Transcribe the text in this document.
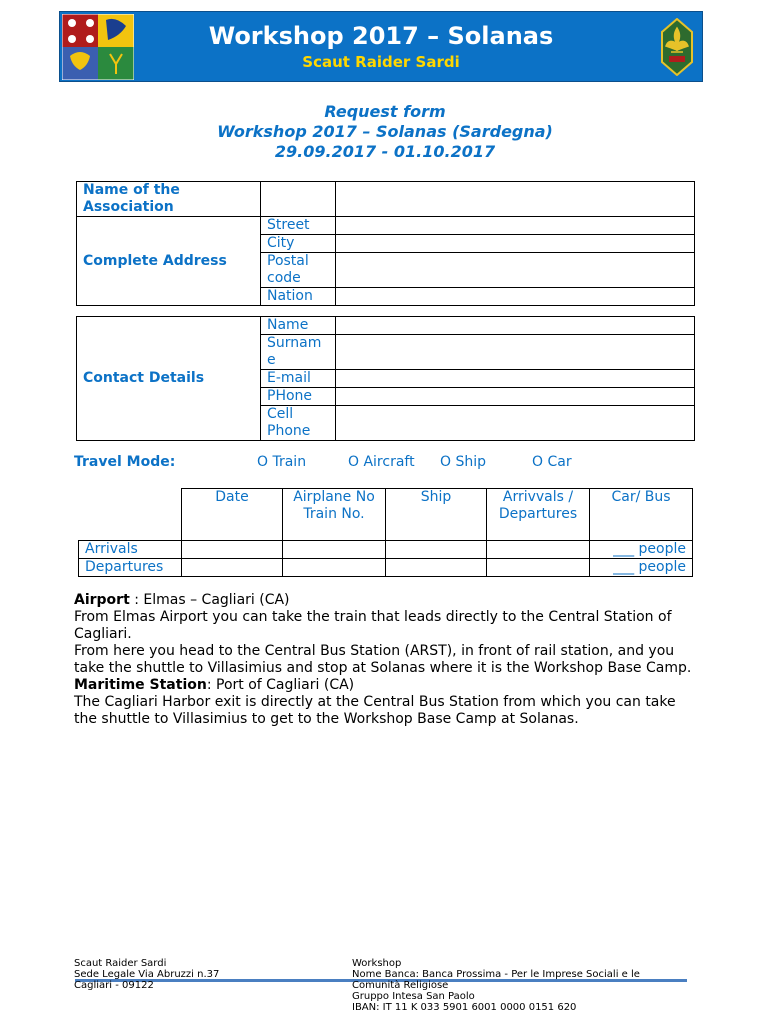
Workshop 2017 – Solanas
Scaut Raider Sardi
Request form
Workshop 2017 – Solanas (Sardegna)
29.09.2017 - 01.10.2017
Name of the Association		
Complete Address	Street	
	City	
	Postal code	
	Nation	
Contact Details	Name	
	Surname	
	E-mail	
	PHone	
	Cell Phone	
Travel Mode:	O Train	O Aircraft O Ship	O Car
	Date	Airplane No Train No.	Ship	Arrivvals / Departures	Car/ Bus
Arrivals					___ people
Departures					___ people
Airport : Elmas – Cagliari (CA)
From Elmas Airport you can take the train that leads directly to the Central Station of Cagliari.
From here you head to the Central Bus Station (ARST), in front of rail station, and you take the shuttle to Villasimius and stop at Solanas where it is the Workshop Base Camp.
Maritime Station: Port of Cagliari (CA)
The Cagliari Harbor exit is directly at the Central Bus Station from which you can take the shuttle to Villasimius to get to the Workshop Base Camp at Solanas.
Scaut Raider Sardi
Sede Legale Via Abruzzi n.37
Cagliari - 09122
Workshop
Nome Banca: Banca Prossima - Per le Imprese Sociali e le
Comunità Religiose
Gruppo Intesa San Paolo
IBAN: IT 11 K 033 5901 6001 0000 0151 620
